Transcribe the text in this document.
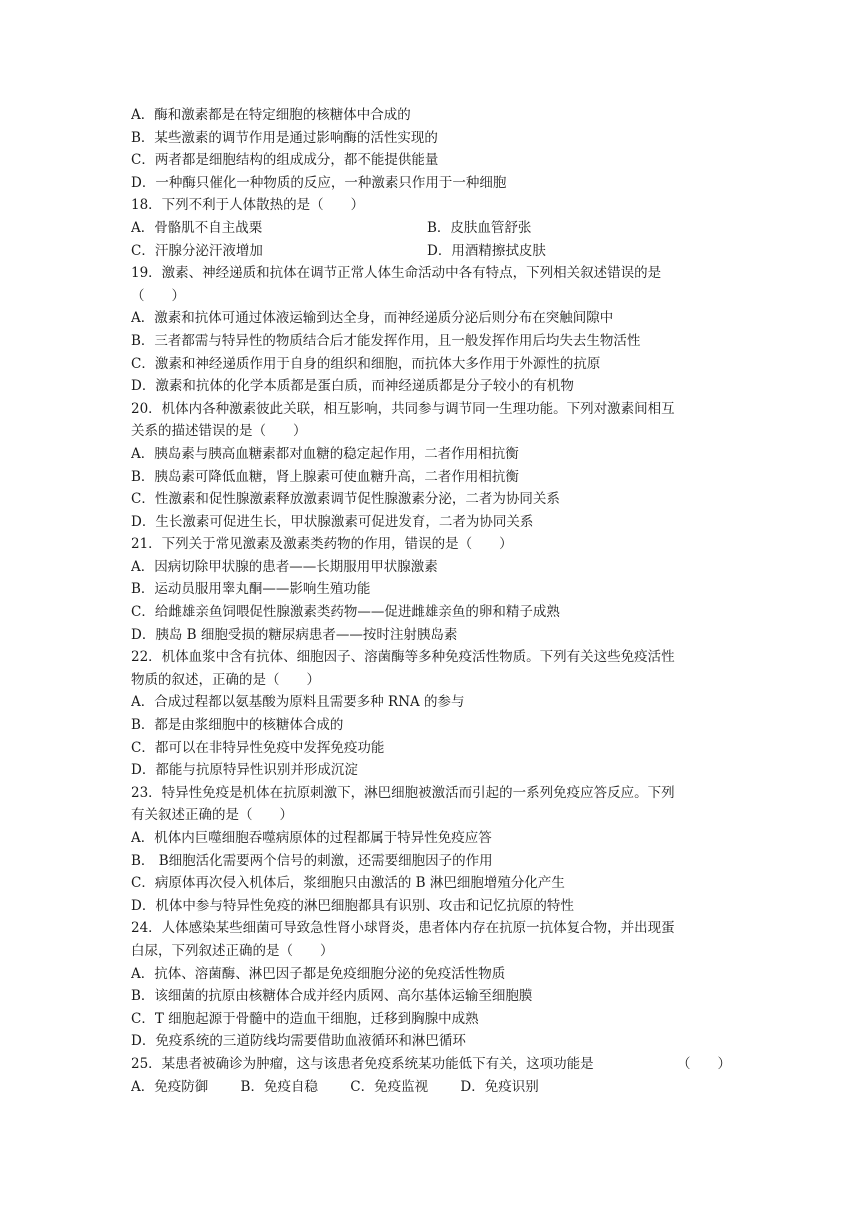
A．酶和激素都是在特定细胞的核糖体中合成的
B．某些激素的调节作用是通过影响酶的活性实现的
C．两者都是细胞结构的组成成分，都不能提供能量
D．一种酶只催化一种物质的反应，一种激素只作用于一种细胞
18．下列不利于人体散热的是（　　）
A．骨骼肌不自主战栗	B．皮肤血管舒张
C．汗腺分泌汗液增加	D．用酒精擦拭皮肤
19．激素、神经递质和抗体在调节正常人体生命活动中各有特点，下列相关叙述错误的是
（　　）
A．激素和抗体可通过体液运输到达全身，而神经递质分泌后则分布在突触间隙中
B．三者都需与特异性的物质结合后才能发挥作用，且一般发挥作用后均失去生物活性
C．激素和神经递质作用于自身的组织和细胞，而抗体大多作用于外源性的抗原
D．激素和抗体的化学本质都是蛋白质，而神经递质都是分子较小的有机物
20．机体内各种激素彼此关联，相互影响，共同参与调节同一生理功能。下列对激素间相互
关系的描述错误的是（　　）
A．胰岛素与胰高血糖素都对血糖的稳定起作用，二者作用相抗衡
B．胰岛素可降低血糖，肾上腺素可使血糖升高，二者作用相抗衡
C．性激素和促性腺激素释放激素调节促性腺激素分泌，二者为协同关系
D．生长激素可促进生长，甲状腺激素可促进发育，二者为协同关系
21．下列关于常见激素及激素类药物的作用，错误的是（　　）
A．因病切除甲状腺的患者——长期服用甲状腺激素
B．运动员服用睾丸酮——影响生殖功能
C．给雌雄亲鱼饲喂促性腺激素类药物——促进雌雄亲鱼的卵和精子成熟
D．胰岛 B 细胞受损的糖尿病患者——按时注射胰岛素
22．机体血浆中含有抗体、细胞因子、溶菌酶等多种免疫活性物质。下列有关这些免疫活性
物质的叙述，正确的是（　　）
A．合成过程都以氨基酸为原料且需要多种 RNA 的参与
B．都是由浆细胞中的核糖体合成的
C．都可以在非特异性免疫中发挥免疫功能
D．都能与抗原特异性识别并形成沉淀
23．特异性免疫是机体在抗原刺激下，淋巴细胞被激活而引起的一系列免疫应答反应。下列
有关叙述正确的是（　　）
A．机体内巨噬细胞吞噬病原体的过程都属于特异性免疫应答
B． B细胞活化需要两个信号的刺激，还需要细胞因子的作用
C．病原体再次侵入机体后，浆细胞只由激活的 B 淋巴细胞增殖分化产生
D．机体中参与特异性免疫的淋巴细胞都具有识别、攻击和记忆抗原的特性
24．人体感染某些细菌可导致急性肾小球肾炎，患者体内存在抗原一抗体复合物，并出现蛋
白尿，下列叙述正确的是（　　）
A．抗体、溶菌酶、淋巴因子都是免疫细胞分泌的免疫活性物质
B．该细菌的抗原由核糖体合成并经内质网、高尔基体运输至细胞膜
C．T 细胞起源于骨髓中的造血干细胞，迁移到胸腺中成熟
D．免疫系统的三道防线均需要借助血液循环和淋巴循环
25．某患者被确诊为肿瘤，这与该患者免疫系统某功能低下有关，这项功能是	（　　）
A．免疫防御 B．免疫自稳 C．免疫监视 D．免疫识别
